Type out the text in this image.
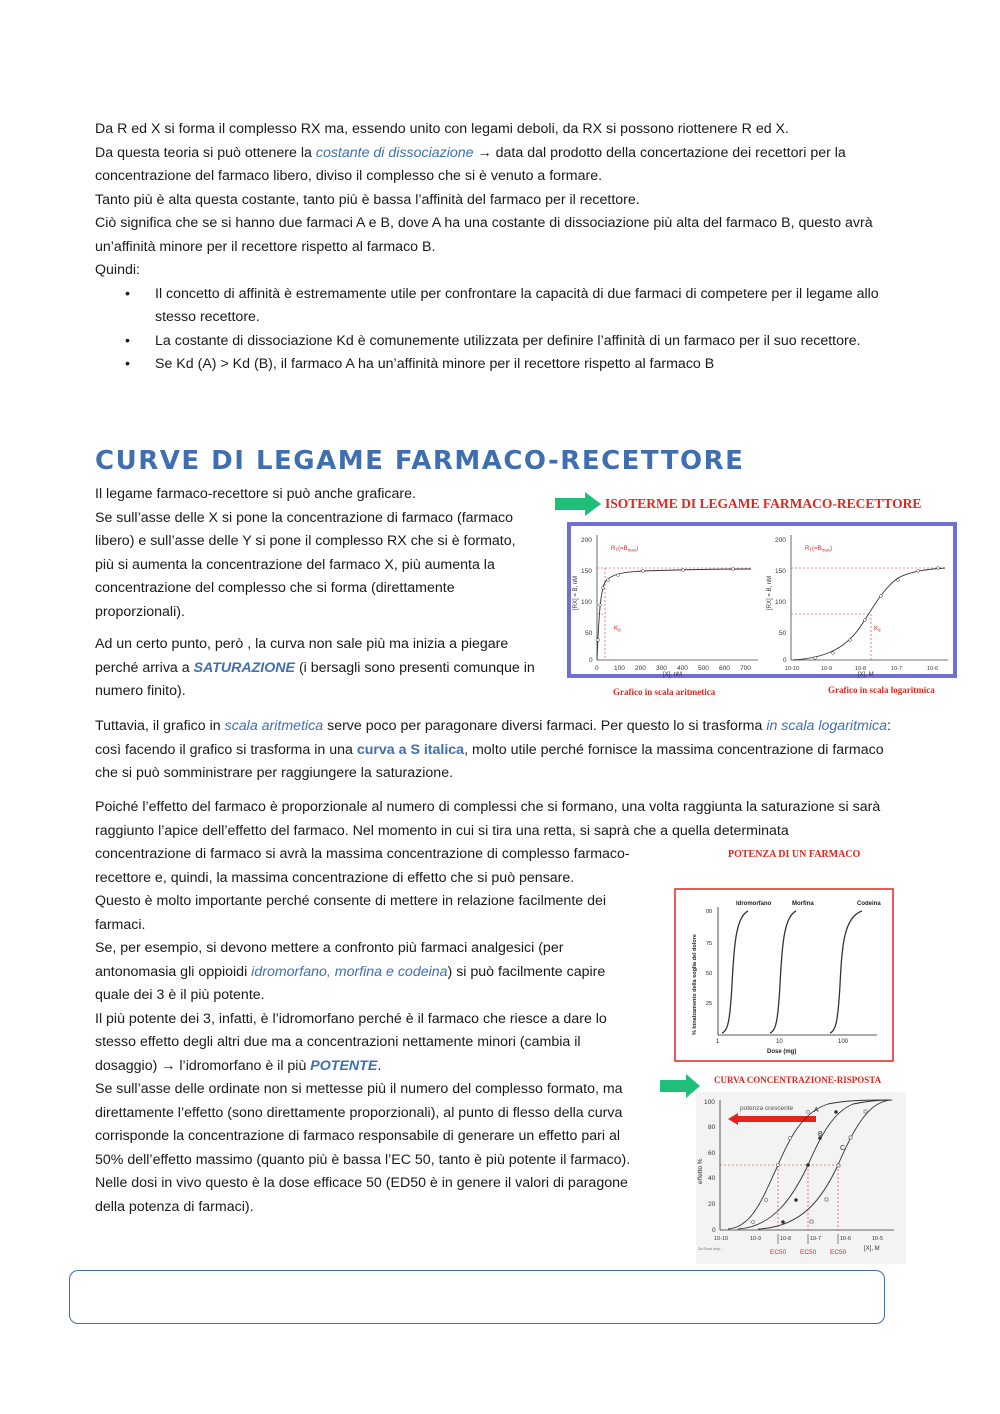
Da R ed X si forma il complesso RX ma, essendo unito con legami deboli, da RX si possono riottenere R ed X.
Da questa teoria si può ottenere la costante di dissociazione → data dal prodotto della concertazione dei recettori per la concentrazione del farmaco libero, diviso il complesso che si è venuto a formare.
Tanto più è alta questa costante, tanto più è bassa l’affinità del farmaco per il recettore.
Ciò significa che se si hanno due farmaci A e B, dove A ha una costante di dissociazione più alta del farmaco B, questo avrà un’affinità minore per il recettore rispetto al farmaco B.
Quindi:
• Il concetto di affinità è estremamente utile per confrontare la capacità di due farmaci di competere per il legame allo stesso recettore.
• La costante di dissociazione Kd è comunemente utilizzata per definire l’affinità di un farmaco per il suo recettore.
• Se Kd (A) > Kd (B), il farmaco A ha un’affinità minore per il recettore rispetto al farmaco B
CURVE DI LEGAME FARMACO-RECETTORE
Il legame farmaco-recettore si può anche graficare.
Se sull’asse delle X si pone la concentrazione di farmaco (farmaco libero) e sull’asse delle Y si pone il complesso RX che si è formato, più si aumenta la concentrazione del farmaco X, più aumenta la concentrazione del complesso che si forma (direttamente proporzionali).
Ad un certo punto, però , la curva non sale più ma inizia a piegare perché arriva a SATURAZIONE (i bersagli sono presenti comunque in numero finito).
Tuttavia, il grafico in scala aritmetica serve poco per paragonare diversi farmaci. Per questo lo si trasforma in scala logaritmica: così facendo il grafico si trasforma in una curva a S italica, molto utile perché fornisce la massima concentrazione di farmaco che si può somministrare per raggiungere la saturazione.
Poiché l’effetto del farmaco è proporzionale al numero di complessi che si formano, una volta raggiunta la saturazione si sarà raggiunto l’apice dell’effetto del farmaco. Nel momento in cui si tira una retta, si saprà che a quella determinata
concentrazione di farmaco si avrà la massima concentrazione di complesso farmaco-recettore e, quindi, la massima concentrazione di effetto che si può pensare.
Questo è molto importante perché consente di mettere in relazione facilmente dei farmaci.
Se, per esempio, si devono mettere a confronto più farmaci analgesici (per antonomasia gli oppioidi idromorfano, morfina e codeina) si può facilmente capire quale dei 3 è il più potente.
Il più potente dei 3, infatti, è l’idromorfano perché è il farmaco che riesce a dare lo stesso effetto degli altri due ma a concentrazioni nettamente minori (cambia il dosaggio) → l’idromorfano è il più POTENTE.
Se sull’asse delle ordinate non si mettesse più il numero del complesso formato, ma direttamente l’effetto (sono direttamente proporzionali), al punto di flesso della curva corrisponde la concentrazione di farmaco responsabile di generare un effetto pari al 50% dell’effetto massimo (quanto più è bassa l’EC 50, tanto è più potente il farmaco).
Nelle dosi in vivo questo è la dose efficace 50 (ED50 è in genere il valori di paragone della potenza di farmaci).
ISOTERME DI LEGAME FARMACO-RECETTORE
200
150
100
50
0
0 100 200 300 400 500 600 700
[X], nM
[RX] = B, nM
$R_T(=B_{max})$
$K_d$
200
150
100
50
0
10-10	10-9	10-8	10-7	10-6
[X], M
[RX] = B, nM
$R_T(=B_{max})$
$K_d$
Grafico in scala aritmetica	Grafico in scala logaritmica
POTENZA DI UN FARMACO
Idromorfano	Morfina	Codeina
00
75
50
25
1	10	100
Dose (mg)
% Innalzamento della soglia del dolore
CURVA CONCENTRAZIONE-RISPOSTA
100
80
60
40
20
0
effetto %
10-10	10-9	10-8	10-7	10-6	10-5
[X], M
potenza crescente	A
B
C
EC50 EC50 EC50
Da Rossi degl...
